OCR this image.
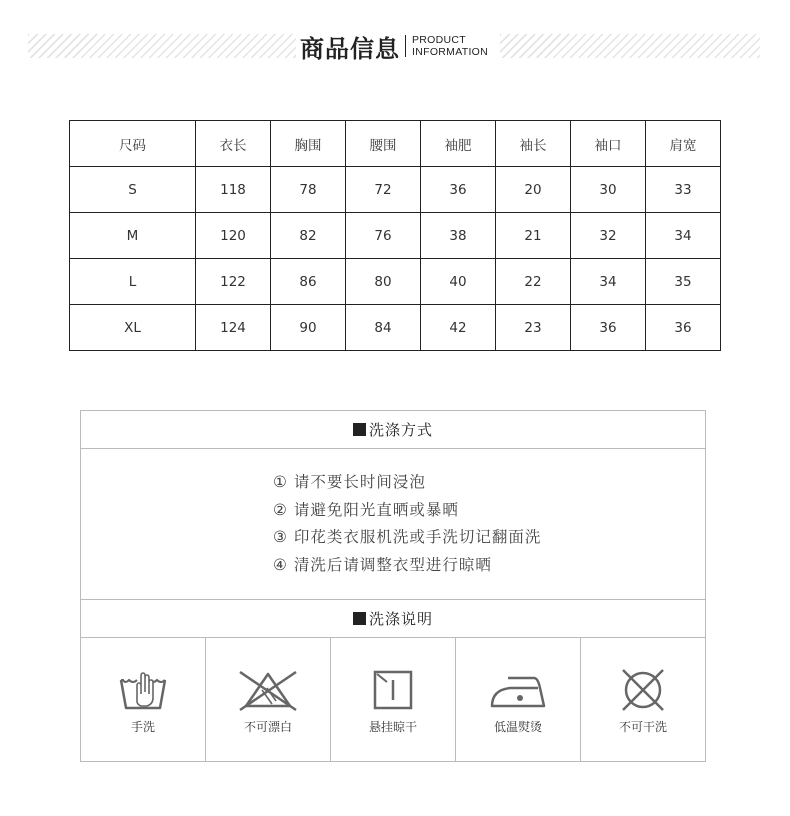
商品信息 PRODUCT
INFORMATION
尺码	衣长	胸围	腰围	袖肥	袖长	袖口	肩宽
S	118	78	72	36	20	30	33
M	120	82	76	38	21	32	34
L	122	86	80	40	22	34	35
XL	124	90	84	42	23	36	36
洗涤方式
① 请不要长时间浸泡
② 请避免阳光直晒或暴晒
③ 印花类衣服机洗或手洗切记翻面洗
④ 清洗后请调整衣型进行晾晒
洗涤说明
手洗	不可漂白	悬挂晾干	低温熨烫	不可干洗
